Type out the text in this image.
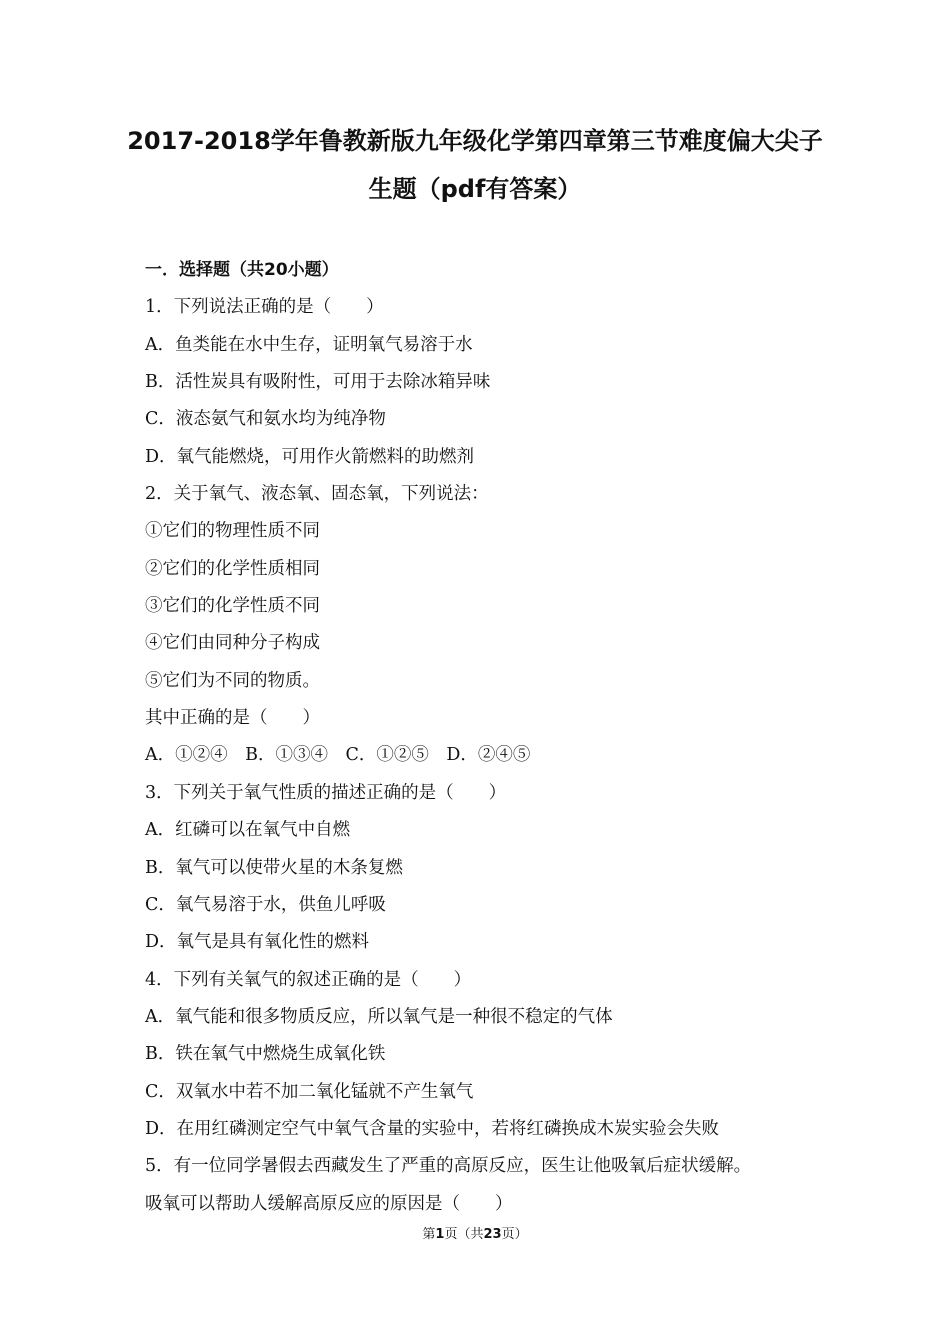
2017-2018学年鲁教新版九年级化学第四章第三节难度偏大尖子
生题（pdf有答案）
一．选择题（共20小题）
1．下列说法正确的是（　　）
A．鱼类能在水中生存，证明氧气易溶于水
B．活性炭具有吸附性，可用于去除冰箱异味
C．液态氨气和氨水均为纯净物
D．氧气能燃烧，可用作火箭燃料的助燃剂
2．关于氧气、液态氧、固态氧，下列说法：
①它们的物理性质不同
②它们的化学性质相同
③它们的化学性质不同
④它们由同种分子构成
⑤它们为不同的物质。
其中正确的是（　　）
A．①②④　B．①③④　C．①②⑤　D．②④⑤
3．下列关于氧气性质的描述正确的是（　　）
A．红磷可以在氧气中自燃
B．氧气可以使带火星的木条复燃
C．氧气易溶于水，供鱼儿呼吸
D．氧气是具有氧化性的燃料
4．下列有关氧气的叙述正确的是（　　）
A．氧气能和很多物质反应，所以氧气是一种很不稳定的气体
B．铁在氧气中燃烧生成氧化铁
C．双氧水中若不加二氧化锰就不产生氧气
D．在用红磷测定空气中氧气含量的实验中，若将红磷换成木炭实验会失败
5．有一位同学暑假去西藏发生了严重的高原反应，医生让他吸氧后症状缓解。
吸氧可以帮助人缓解高原反应的原因是（　　）
第1页（共23页）
